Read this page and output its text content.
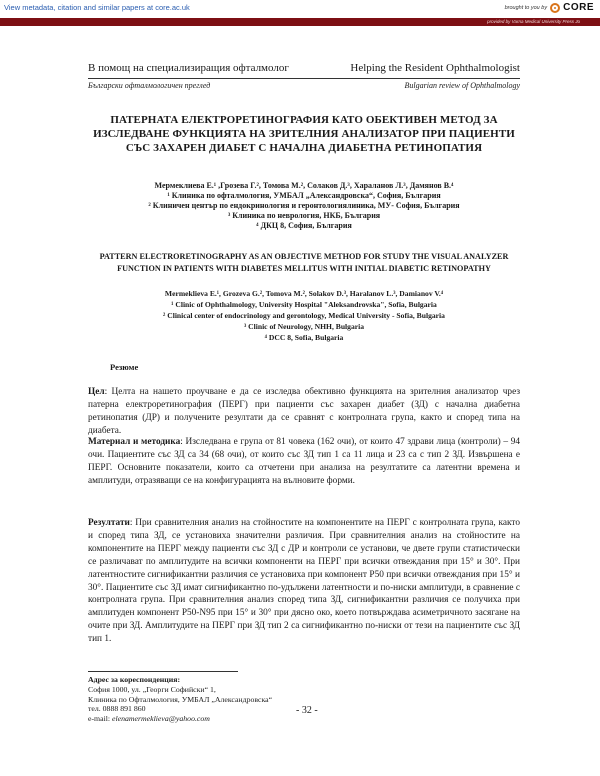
View metadata, citation and similar papers at core.ac.uk	brought to you by CORE
provided by Varna Medical University Press Jo
В помощ на специализиращия офталмолог	Helping the Resident Ophthalmologist
Български офталмологичен преглед	Bulgarian review of Ophthalmology
ПАТЕРНАТА ЕЛЕКТРОРЕТИНОГРАФИЯ КАТО ОБЕКТИВЕН МЕТОД ЗА ИЗСЛЕДВАНЕ ФУНКЦИЯТА НА ЗРИТЕЛНИЯ АНАЛИЗАТОР ПРИ ПАЦИЕНТИ СЪС ЗАХАРЕН ДИАБЕТ С НАЧАЛНА ДИАБЕТНА РЕТИНОПАТИЯ
Мермеклиева Е.¹ ,Грозева Г.², Томова М.², Солаков Д.³, Хараланов Л.³, Дамянов В.⁴
¹ Клиника по офталмология, УМБАЛ „Александровска“, София, България
² Клиничен център по ендокринология и геронтологиялиника, МУ- София, България
³ Клиника по неврология, НКБ, България
⁴ ДКЦ 8, София, България
PATTERN ELECTRORETINOGRAPHY AS AN OBJECTIVE METHOD FOR STUDY THE VISUAL ANALYZER FUNCTION IN PATIENTS WITH DIABETES MELLITUS WITH INITIAL DIABETIC RETINOPATHY
Mermeklieva E.¹, Grozeva G.², Tomova M.², Solakov D.³, Haralanov L.³, Damianov V.⁴
¹ Clinic of Ophthalmology, University Hospital "Aleksandrovska", Sofia, Bulgaria
² Clinical center of endocrinology and gerontology, Medical University - Sofia, Bulgaria
³ Clinic of Neurology, NHH, Bulgaria
⁴ DCC 8, Sofia, Bulgaria
Резюме

Цел: Целта на нашето проучване е да се изследва обективно функцията на зрителния анализатор чрез патерна електроретинография (ПЕРГ) при пациенти със захарен диабет (ЗД) с начална диабетна ретинопатия (ДР) и получените резултати да се сравнят с контролната група, както и според типа на диабета.

Материал и методика: Изследвана е група от 81 човека (162 очи), от които 47 здрави лица (контроли) – 94 очи. Пациентите със ЗД са 34 (68 очи), от които със ЗД тип 1 са 11 лица и 23 са с тип 2 ЗД. Извършена е ПЕРГ. Основните показатели, които са отчетени при анализа на резултатите са латентни времена и амплитуди, отразяващи се на конфигурацията на вълновите форми.

Резултати: При сравнителния анализ на стойностите на компонентите на ПЕРГ с контролната група, както и според типа ЗД, се установиха значителни различия. При сравнителния анализ на стойностите на компонентите на ПЕРГ между пациенти със ЗД с ДР и контроли се установи, че двете групи статистически се различават по амплитудите на всички компоненти на ПЕРГ при всички отвеждания при 15° и 30°. При латентностите сигнификантни различия се установиха при компонент P50 при всички отвеждания при 15° и 30°. Пациентите със ЗД имат сигнификантно по-удължени латентности и по-ниски амплитуди, в сравнение с контролната група. При сравнителния анализ според типа ЗД, сигнификантни различия се получиха при амплитуден компонент P50-N95 при 15° и 30° при дясно око, което потвърждава асиметричното засягане на очите при ЗД. Амплитудите на ПЕРГ при ЗД тип 2 са сигнификантно по-ниски от тези на пациентите със ЗД тип 1.

Адрес за кореспонденция:
София 1000, ул. „Георги Софийски“ 1,
Клиника по Офталмология, УМБАЛ „Александровска“
тел. 0888 891 860
e-mail: elenamermeklieva@yahoo.com
- 32 -
